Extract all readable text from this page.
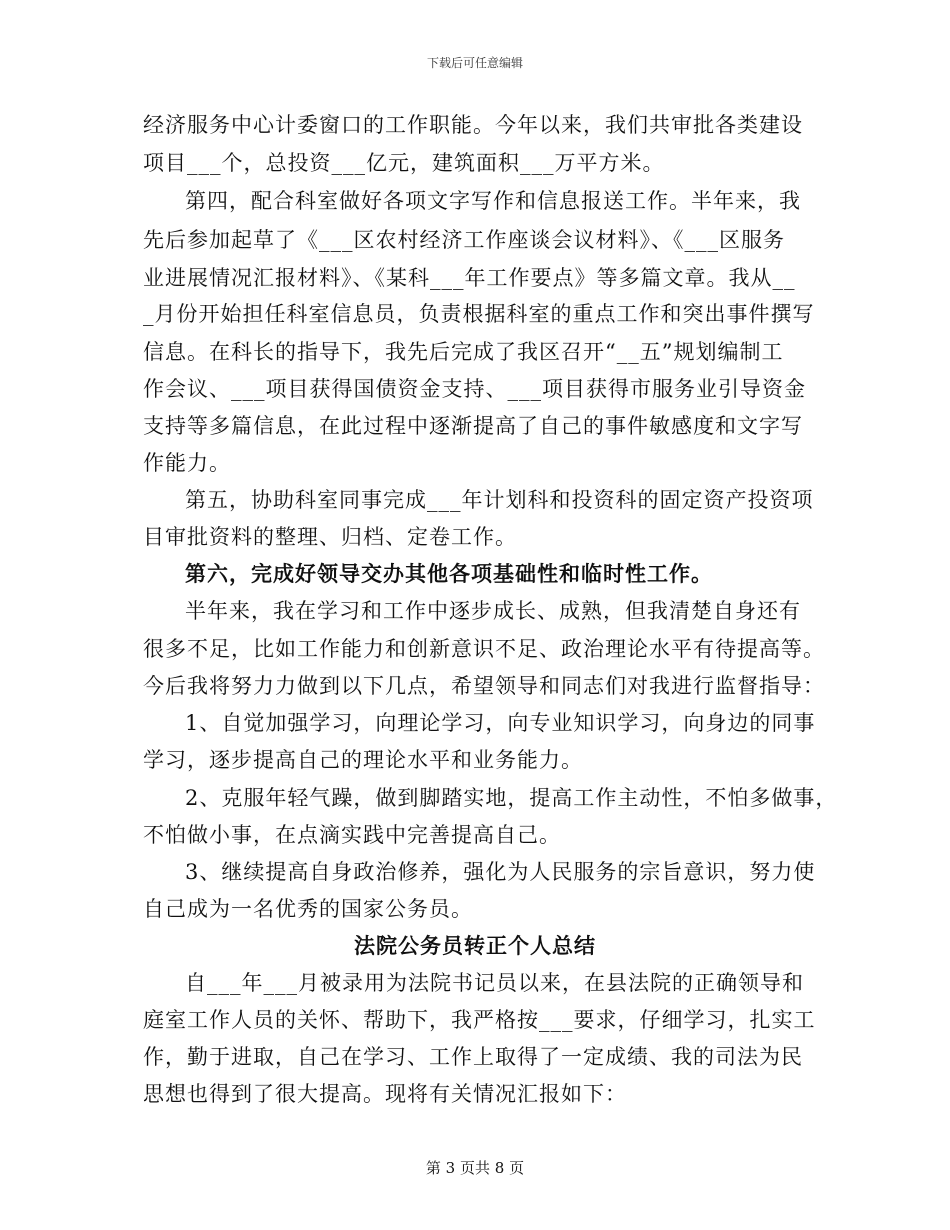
下载后可任意编辑
经济服务中心计委窗口的工作职能。今年以来，我们共审批各类建设
项目___个，总投资___亿元，建筑面积___万平方米。
第四，配合科室做好各项文字写作和信息报送工作。半年来，我
先后参加起草了《___区农村经济工作座谈会议材料》、《___区服务
业进展情况汇报材料》、《某科___年工作要点》等多篇文章。我从__
_月份开始担任科室信息员，负责根据科室的重点工作和突出事件撰写
信息。在科长的指导下，我先后完成了我区召开“__五”规划编制工
作会议、___项目获得国债资金支持、___项目获得市服务业引导资金
支持等多篇信息，在此过程中逐渐提高了自己的事件敏感度和文字写
作能力。
第五，协助科室同事完成___年计划科和投资科的固定资产投资项
目审批资料的整理、归档、定卷工作。
第六，完成好领导交办其他各项基础性和临时性工作。
半年来，我在学习和工作中逐步成长、成熟，但我清楚自身还有
很多不足，比如工作能力和创新意识不足、政治理论水平有待提高等。
今后我将努力力做到以下几点，希望领导和同志们对我进行监督指导：
1、自觉加强学习，向理论学习，向专业知识学习，向身边的同事
学习，逐步提高自己的理论水平和业务能力。
2、克服年轻气躁，做到脚踏实地，提高工作主动性，不怕多做事，
不怕做小事，在点滴实践中完善提高自己。
3、继续提高自身政治修养，强化为人民服务的宗旨意识，努力使
自己成为一名优秀的国家公务员。
法院公务员转正个人总结
自___年___月被录用为法院书记员以来，在县法院的正确领导和
庭室工作人员的关怀、帮助下，我严格按___要求，仔细学习，扎实工
作，勤于进取，自己在学习、工作上取得了一定成绩、我的司法为民
思想也得到了很大提高。现将有关情况汇报如下：
第 3 页共 8 页
